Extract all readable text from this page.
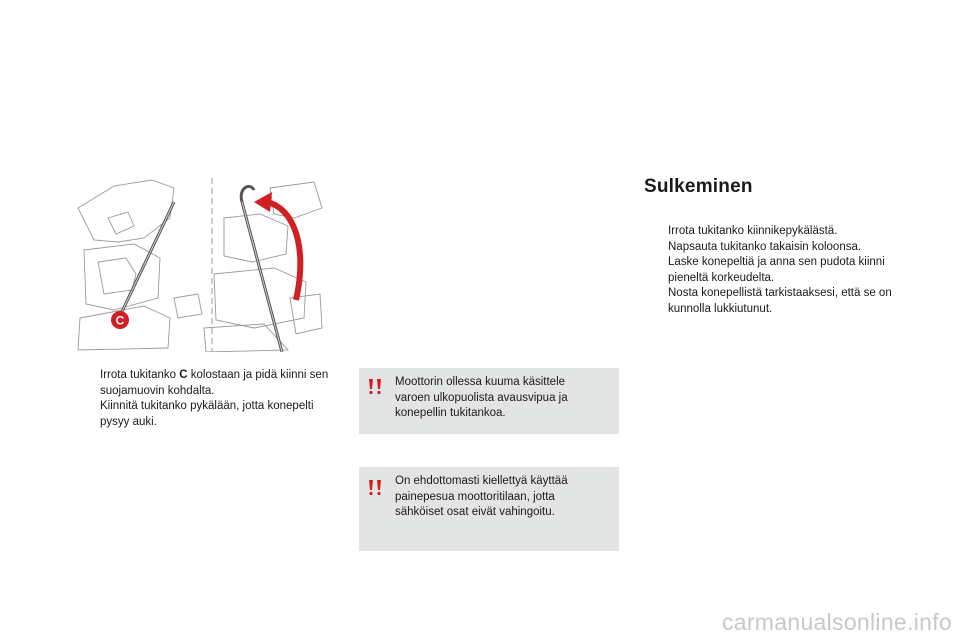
C
Irrota tukitanko C kolostaan ja pidä kiinni sen suojamuovin kohdalta.
Kiinnitä tukitanko pykälään, jotta konepelti pysyy auki.
Moottorin ollessa kuuma käsittele varoen ulkopuolista avausvipua ja konepellin tukitankoa.
On ehdottomasti kiellettyä käyttää painepesua moottoritilaan, jotta sähköiset osat eivät vahingoitu.
Sulkeminen
Irrota tukitanko kiinnikepykälästä.
Napsauta tukitanko takaisin koloonsa.
Laske konepeltiä ja anna sen pudota kiinni pieneltä korkeudelta.
Nosta konepellistä tarkistaaksesi, että se on kunnolla lukkiutunut.
carmanualsonline.info
